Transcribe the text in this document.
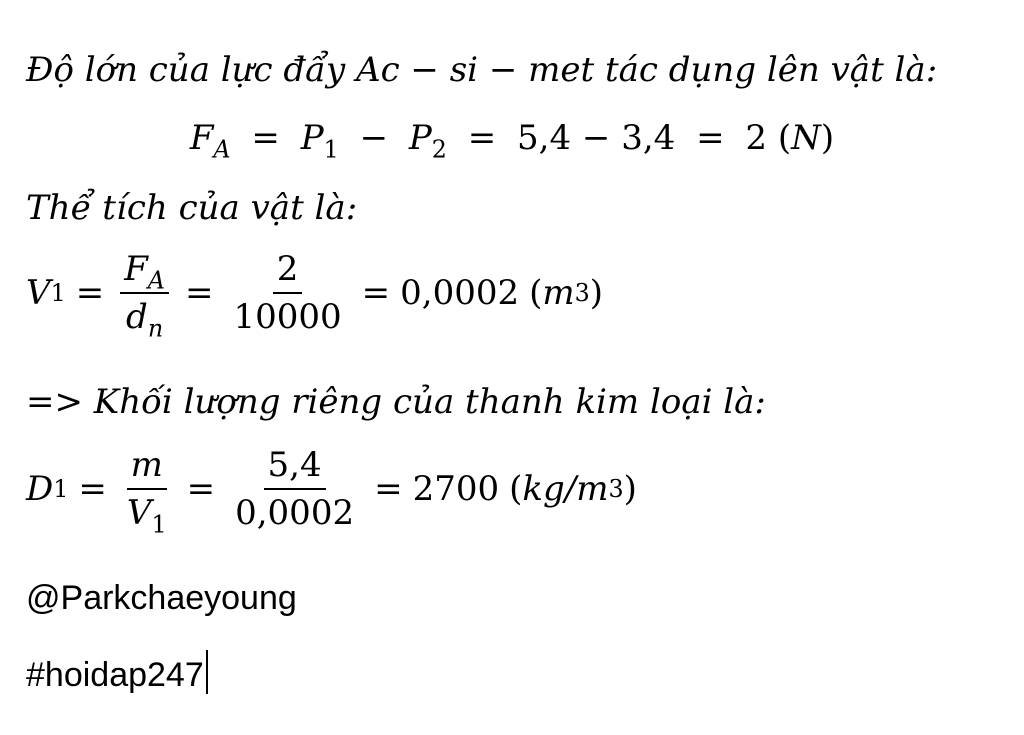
Độ lớn của lực đẩy Ac − si − met tác dụng lên vật là:
$F_A = P_1 - P_2 = 5,4 - 3,4 = 2$ (N)
Thể tích của vật là:
V $1 = \frac{F_A}{d_n} = \frac{2}{10000} = 0,0002$ ( m 3 )
=> Khối lượng riêng của thanh kim loại là:
D $1 = \frac{m}{V_1} = \frac{5,4}{0,0002} = 2700$ ( kg/m 3 )
@Parkchaeyoung
#hoidap247
